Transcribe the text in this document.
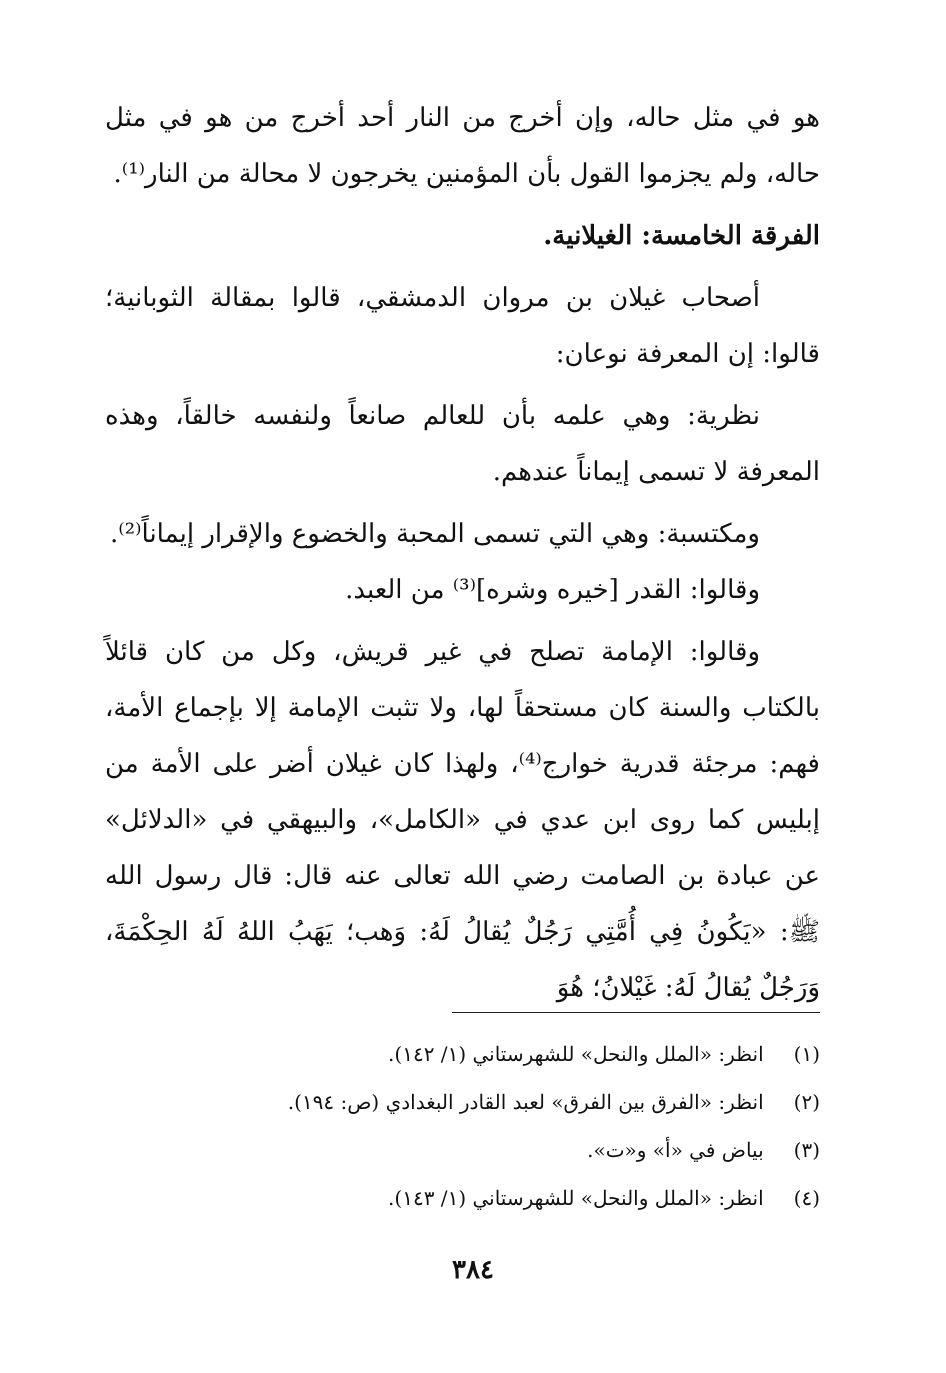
هو في مثل حاله، وإن أخرج من النار أحد أخرج من هو في مثل حاله، ولم يجزموا القول بأن المؤمنين يخرجون لا محالة من النار⁽¹⁾.

الفرقة الخامسة: الغيلانية.

أصحاب غيلان بن مروان الدمشقي، قالوا بمقالة الثوبانية؛ قالوا: إن المعرفة نوعان:

نظرية: وهي علمه بأن للعالم صانعاً ولنفسه خالقاً، وهذه المعرفة لا تسمى إيماناً عندهم.

ومكتسبة: وهي التي تسمى المحبة والخضوع والإقرار إيماناً⁽²⁾.

وقالوا: القدر [خيره وشره]⁽³⁾ من العبد.

وقالوا: الإمامة تصلح في غير قريش، وكل من كان قائلاً بالكتاب والسنة كان مستحقاً لها، ولا تثبت الإمامة إلا بإجماع الأمة، فهم: مرجئة قدرية خوارج⁽⁴⁾، ولهذا كان غيلان أضر على الأمة من إبليس كما روى ابن عدي في «الكامل»، والبيهقي في «الدلائل» عن عبادة بن الصامت رضي الله تعالى عنه قال: قال رسول الله ﷺ: «يَكُونُ فِي أُمَّتِي رَجُلٌ يُقالُ لَهُ: وَهب؛ يَهَبُ اللهُ لَهُ الحِكْمَةَ، وَرَجُلٌ يُقالُ لَهُ: غَيْلانُ؛ هُوَ

(١) انظر: «الملل والنحل» للشهرستاني (١/ ١٤٢).

(٢) انظر: «الفرق بين الفرق» لعبد القادر البغدادي (ص: ١٩٤).

(٣) بياض في «أ» و«ت».

(٤) انظر: «الملل والنحل» للشهرستاني (١/ ١٤٣).

٣٨٤
